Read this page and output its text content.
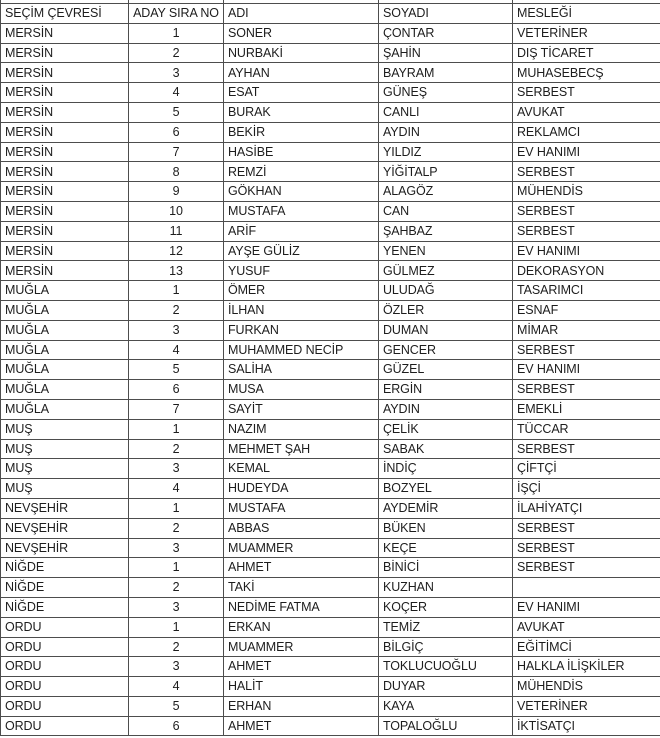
SEÇİM ÇEVRESİ	ADAY SIRA NO	ADI	SOYADI	MESLEĞİ
MERSİN	1	SONER	ÇONTAR	VETERİNER
MERSİN	2	NURBAKİ	ŞAHİN	DIŞ TİCARET
MERSİN	3	AYHAN	BAYRAM	MUHASEBECŞ
MERSİN	4	ESAT	GÜNEŞ	SERBEST
MERSİN	5	BURAK	CANLI	AVUKAT
MERSİN	6	BEKİR	AYDIN	REKLAMCI
MERSİN	7	HASİBE	YILDIZ	EV HANIMI
MERSİN	8	REMZİ	YİĞİTALP	SERBEST
MERSİN	9	GÖKHAN	ALAGÖZ	MÜHENDİS
MERSİN	10	MUSTAFA	CAN	SERBEST
MERSİN	11	ARİF	ŞAHBAZ	SERBEST
MERSİN	12	AYŞE GÜLİZ	YENEN	EV HANIMI
MERSİN	13	YUSUF	GÜLMEZ	DEKORASYON
MUĞLA	1	ÖMER	ULUDAĞ	TASARIMCI
MUĞLA	2	İLHAN	ÖZLER	ESNAF
MUĞLA	3	FURKAN	DUMAN	MİMAR
MUĞLA	4	MUHAMMED NECİP	GENCER	SERBEST
MUĞLA	5	SALİHA	GÜZEL	EV HANIMI
MUĞLA	6	MUSA	ERGİN	SERBEST
MUĞLA	7	SAYİT	AYDIN	EMEKLİ
MUŞ	1	NAZIM	ÇELİK	TÜCCAR
MUŞ	2	MEHMET ŞAH	SABAK	SERBEST
MUŞ	3	KEMAL	İNDİÇ	ÇİFTÇİ
MUŞ	4	HUDEYDA	BOZYEL	İŞÇİ
NEVŞEHİR	1	MUSTAFA	AYDEMİR	İLAHİYATÇI
NEVŞEHİR	2	ABBAS	BÜKEN	SERBEST
NEVŞEHİR	3	MUAMMER	KEÇE	SERBEST
NİĞDE	1	AHMET	BİNİCİ	SERBEST
NİĞDE	2	TAKİ	KUZHAN	
NİĞDE	3	NEDİME FATMA	KOÇER	EV HANIMI
ORDU	1	ERKAN	TEMİZ	AVUKAT
ORDU	2	MUAMMER	BİLGİÇ	EĞİTİMCİ
ORDU	3	AHMET	TOKLUCUOĞLU	HALKLA İLİŞKİLER
ORDU	4	HALİT	DUYAR	MÜHENDİS
ORDU	5	ERHAN	KAYA	VETERİNER
ORDU	6	AHMET	TOPALOĞLU	İKTİSATÇI
